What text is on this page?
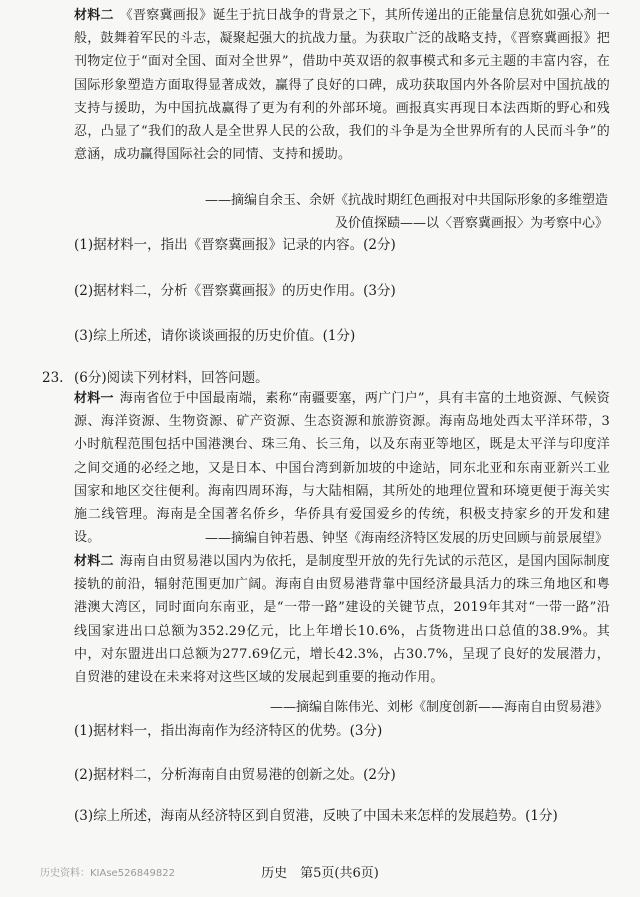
材料二 《晋察冀画报》诞生于抗日战争的背景之下，其所传递出的正能量信息犹如强心剂一般，鼓舞着军民的斗志，凝聚起强大的抗战力量。为获取广泛的战略支持，《晋察冀画报》把刊物定位于“面对全国、面对全世界”，借助中英双语的叙事模式和多元主题的丰富内容，在国际形象塑造方面取得显著成效，赢得了良好的口碑，成功获取国内外各阶层对中国抗战的支持与援助，为中国抗战赢得了更为有利的外部环境。画报真实再现日本法西斯的野心和残忍，凸显了“我们的敌人是全世界人民的公敌，我们的斗争是为全世界所有的人民而斗争”的意涵，成功赢得国际社会的同情、支持和援助。
——摘编自余玉、余妍《抗战时期红色画报对中共国际形象的多维塑造
及价值探赜——以〈晋察冀画报〉为考察中心》
(1)据材料一，指出《晋察冀画报》记录的内容。(2分)
(2)据材料二，分析《晋察冀画报》的历史作用。(3分)
(3)综上所述，请你谈谈画报的历史价值。(1分)
23. (6分)阅读下列材料，回答问题。
材料一 海南省位于中国最南端，素称“南疆要塞，两广门户”，具有丰富的土地资源、气候资源、海洋资源、生物资源、矿产资源、生态资源和旅游资源。海南岛地处西太平洋环带，3小时航程范围包括中国港澳台、珠三角、长三角，以及东南亚等地区，既是太平洋与印度洋之间交通的必经之地，又是日本、中国台湾到新加坡的中途站，同东北亚和东南亚新兴工业国家和地区交往便利。海南四周环海，与大陆相隔，其所处的地理位置和环境更便于海关实施二线管理。海南是全国著名侨乡，华侨具有爱国爱乡的传统，积极支持家乡的开发和建设。	——摘编自钟若愚、钟坚《海南经济特区发展的历史回顾与前景展望》
材料二 海南自由贸易港以国内为依托，是制度型开放的先行先试的示范区，是国内国际制度接轨的前沿，辐射范围更加广阔。海南自由贸易港背靠中国经济最具活力的珠三角地区和粤港澳大湾区，同时面向东南亚，是“一带一路”建设的关键节点，2019年其对“一带一路”沿线国家进出口总额为352.29亿元，比上年增长10.6%，占货物进出口总值的38.9%。其中，对东盟进出口总额为277.69亿元，增长42.3%，占30.7%，呈现了良好的发展潜力，自贸港的建设在未来将对这些区域的发展起到重要的拖动作用。
——摘编自陈伟光、刘彬《制度创新——海南自由贸易港》
(1)据材料一，指出海南作为经济特区的优势。(3分)
(2)据材料二，分析海南自由贸易港的创新之处。(2分)
(3)综上所述，海南从经济特区到自贸港，反映了中国未来怎样的发展趋势。(1分)
历史资料：KIAse526849822	历史　第5页(共6页)
